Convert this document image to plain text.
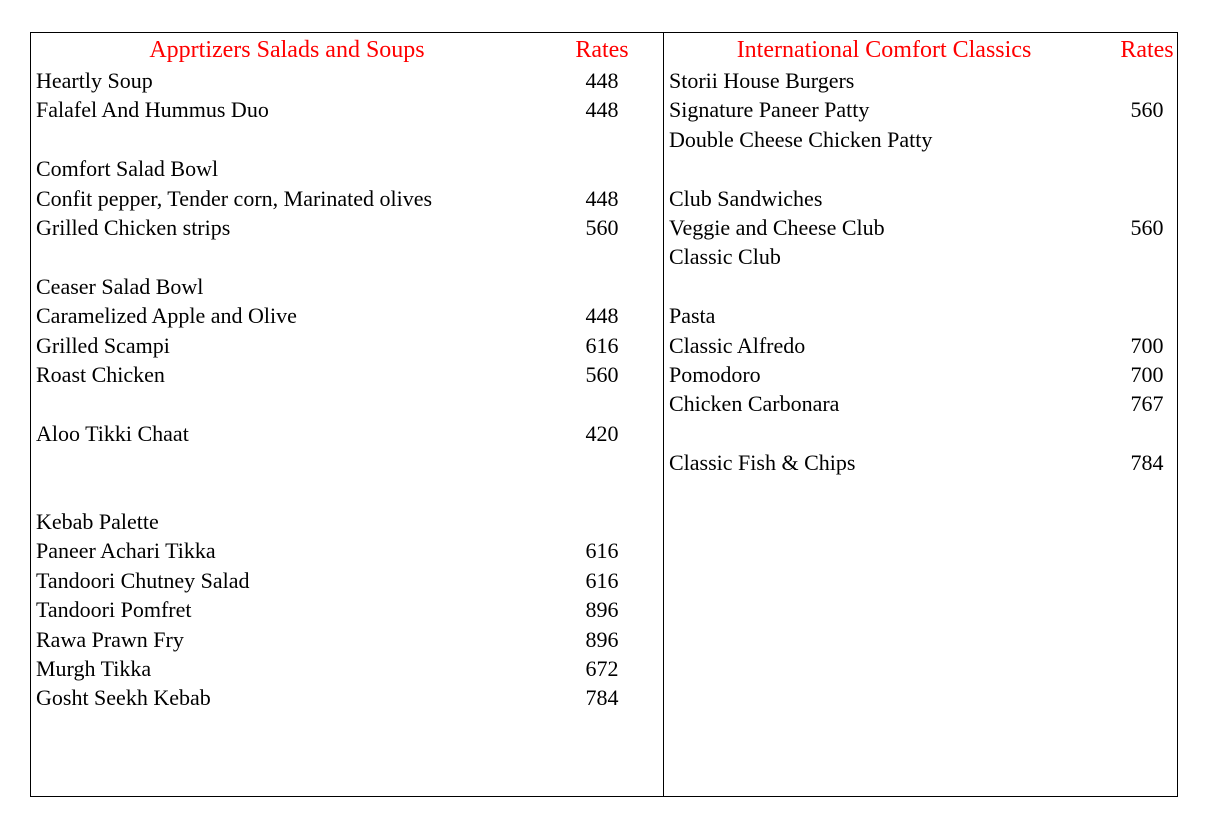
Apprtizers Salads and Soups	Rates
Heartly Soup	448
Falafel And Hummus Duo	448
Comfort Salad Bowl
Confit pepper, Tender corn, Marinated olives	448
Grilled Chicken strips	560
Ceaser Salad Bowl
Caramelized Apple and Olive	448
Grilled Scampi	616
Roast Chicken	560
Aloo Tikki Chaat	420
Kebab Palette
Paneer Achari Tikka	616
Tandoori Chutney Salad	616
Tandoori Pomfret	896
Rawa Prawn Fry	896
Murgh Tikka	672
Gosht Seekh Kebab	784
International Comfort Classics	Rates
Storii House Burgers
Signature Paneer Patty	560
Double Cheese Chicken Patty
Club Sandwiches
Veggie and Cheese Club	560
Classic Club
Pasta
Classic Alfredo	700
Pomodoro	700
Chicken Carbonara	767
Classic Fish & Chips	784
